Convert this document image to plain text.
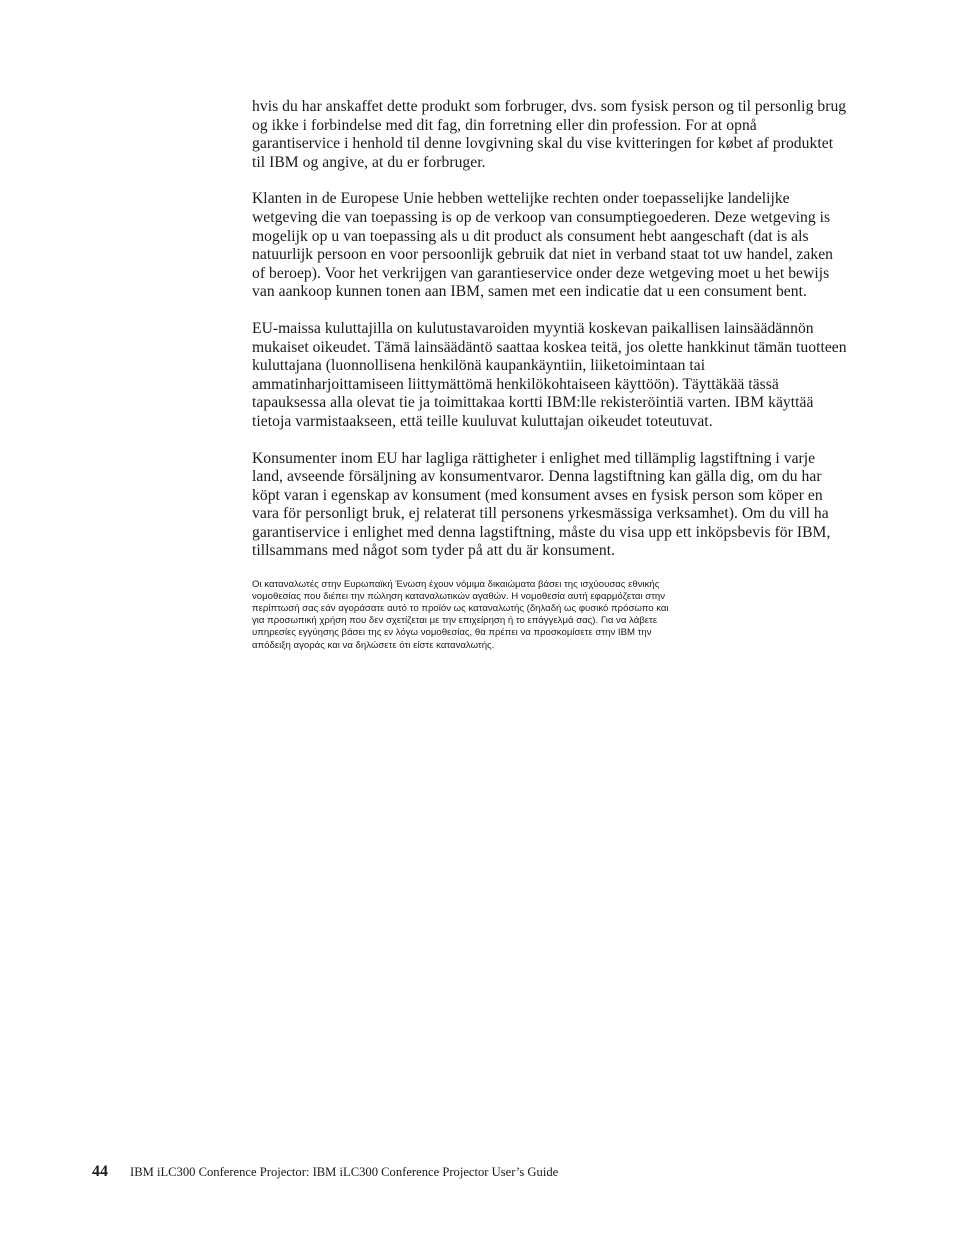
hvis du har anskaffet dette produkt som forbruger, dvs. som fysisk person og til personlig brug og ikke i forbindelse med dit fag, din forretning eller din profession. For at opnå garantiservice i henhold til denne lovgivning skal du vise kvitteringen for købet af produktet til IBM og angive, at du er forbruger.

Klanten in de Europese Unie hebben wettelijke rechten onder toepasselijke landelijke wetgeving die van toepassing is op de verkoop van consumptiegoederen. Deze wetgeving is mogelijk op u van toepassing als u dit product als consument hebt aangeschaft (dat is als natuurlijk persoon en voor persoonlijk gebruik dat niet in verband staat tot uw handel, zaken of beroep). Voor het verkrijgen van garantieservice onder deze wetgeving moet u het bewijs van aankoop kunnen tonen aan IBM, samen met een indicatie dat u een consument bent.

EU-maissa kuluttajilla on kulutustavaroiden myyntiä koskevan paikallisen lainsäädännön mukaiset oikeudet. Tämä lainsäädäntö saattaa koskea teitä, jos olette hankkinut tämän tuotteen kuluttajana (luonnollisena henkilönä kaupankäyntiin, liiketoimintaan tai ammatinharjoittamiseen liittymättömä henkilökohtaiseen käyttöön). Täyttäkää tässä tapauksessa alla olevat tie ja toimittakaa kortti IBM:lle rekisteröintiä varten. IBM käyttää tietoja varmistaakseen, että teille kuuluvat kuluttajan oikeudet toteutuvat.

Konsumenter inom EU har lagliga rättigheter i enlighet med tillämplig lagstiftning i varje land, avseende försäljning av konsumentvaror. Denna lagstiftning kan gälla dig, om du har köpt varan i egenskap av konsument (med konsument avses en fysisk person som köper en vara för personligt bruk, ej relaterat till personens yrkesmässiga verksamhet). Om du vill ha garantiservice i enlighet med denna lagstiftning, måste du visa upp ett inköpsbevis för IBM, tillsammans med något som tyder på att du är konsument.

Οι καταναλωτές στην Ευρωπαϊκή Ένωση έχουν νόμιμα δικαιώματα βάσει της ισχύουσας εθνικής νομοθεσίας που διέπει την πώληση καταναλωτικών αγαθών. Η νομοθεσία αυτή εφαρμόζεται στην περίπτωσή σας εάν αγοράσατε αυτό το προϊόν ως καταναλωτής (δηλαδή ως φυσικό πρόσωπο και για προσωπική χρήση που δεν σχετίζεται με την επιχείρηση ή το επάγγελμά σας). Για να λάβετε υπηρεσίες εγγύησης βάσει της εν λόγω νομοθεσίας, θα πρέπει να προσκομίσετε στην IBM την απόδειξη αγοράς και να δηλώσετε ότι είστε καταναλωτής.

44	IBM iLC300 Conference Projector: IBM iLC300 Conference Projector User’s Guide
